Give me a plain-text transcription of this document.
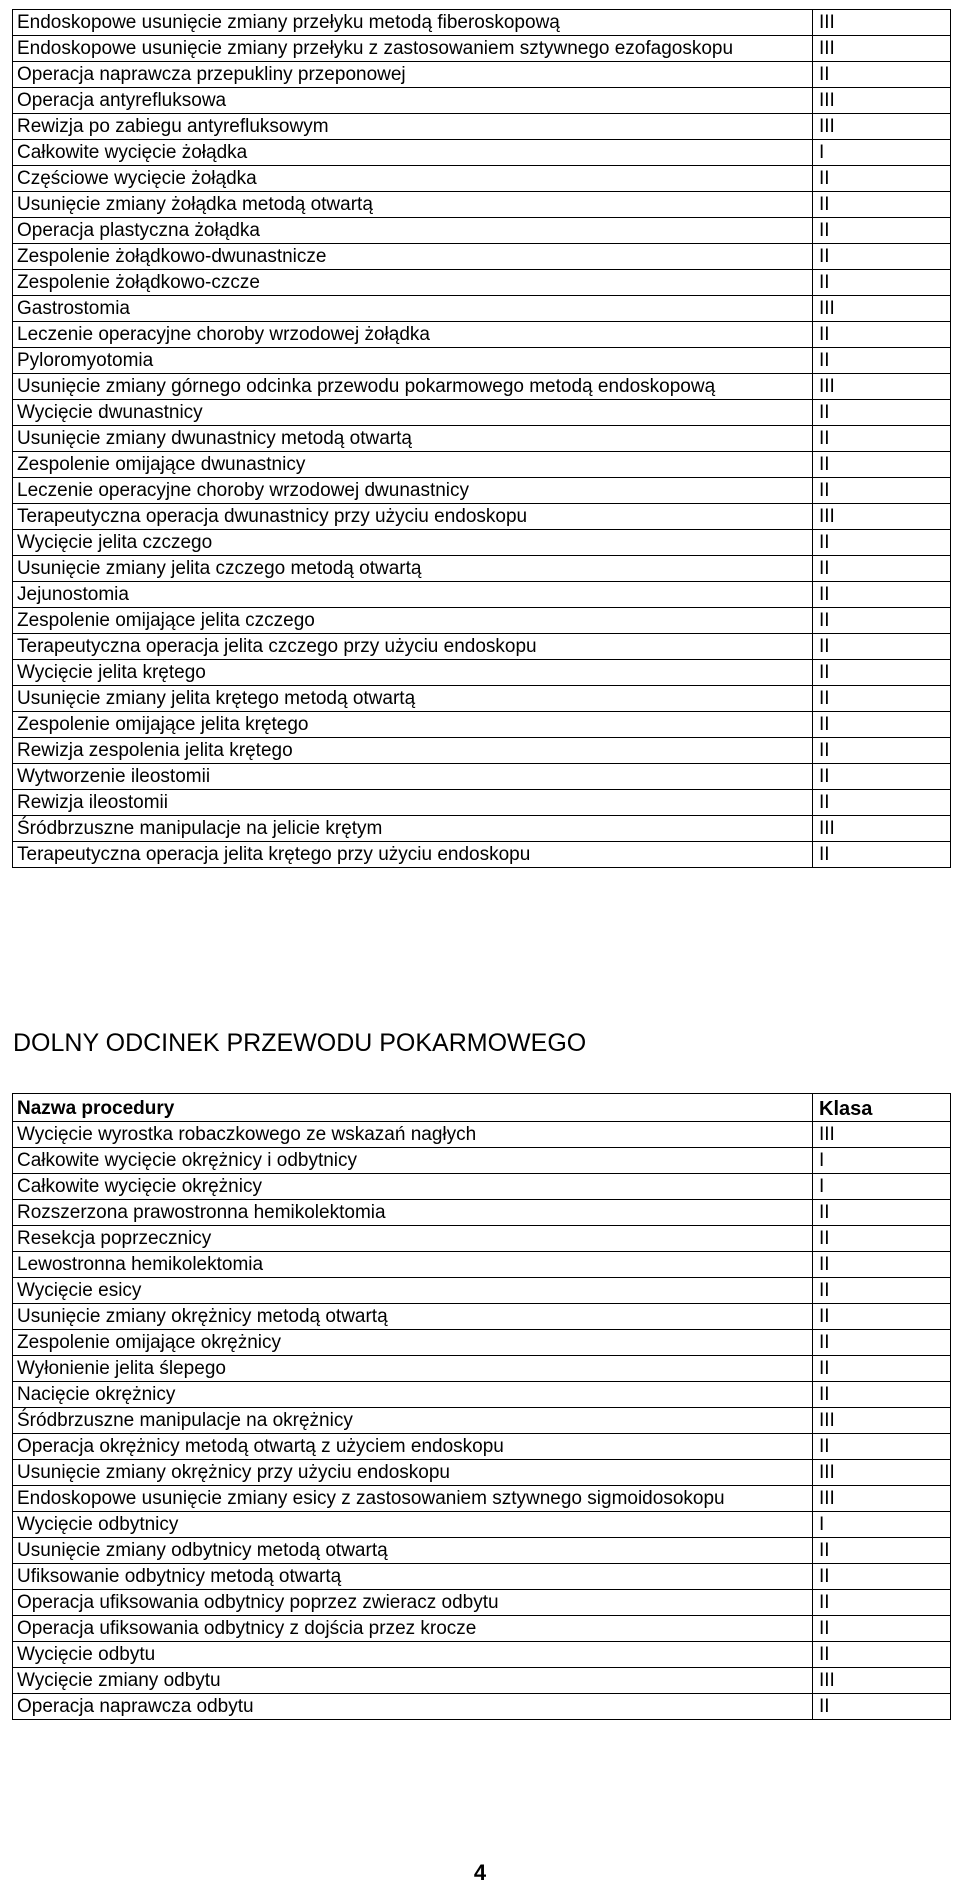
Endoskopowe usunięcie zmiany przełyku metodą fiberoskopową	III
Endoskopowe usunięcie zmiany przełyku z zastosowaniem sztywnego ezofagoskopu	III
Operacja naprawcza przepukliny przeponowej	II
Operacja antyrefluksowa	III
Rewizja po zabiegu antyrefluksowym	III
Całkowite wycięcie żołądka	I
Częściowe wycięcie żołądka	II
Usunięcie zmiany żołądka metodą otwartą	II
Operacja plastyczna żołądka	II
Zespolenie żołądkowo-dwunastnicze	II
Zespolenie żołądkowo-czcze	II
Gastrostomia	III
Leczenie operacyjne choroby wrzodowej żołądka	II
Pyloromyotomia	II
Usunięcie zmiany górnego odcinka przewodu pokarmowego metodą endoskopową	III
Wycięcie dwunastnicy	II
Usunięcie zmiany dwunastnicy metodą otwartą	II
Zespolenie omijające dwunastnicy	II
Leczenie operacyjne choroby wrzodowej dwunastnicy	II
Terapeutyczna operacja dwunastnicy przy użyciu endoskopu	III
Wycięcie jelita czczego	II
Usunięcie zmiany jelita czczego metodą otwartą	II
Jejunostomia	II
Zespolenie omijające jelita czczego	II
Terapeutyczna operacja jelita czczego przy użyciu endoskopu	II
Wycięcie jelita krętego	II
Usunięcie zmiany jelita krętego metodą otwartą	II
Zespolenie omijające jelita krętego	II
Rewizja zespolenia jelita krętego	II
Wytworzenie ileostomii	II
Rewizja ileostomii	II
Śródbrzuszne manipulacje na jelicie krętym	III
Terapeutyczna operacja jelita krętego przy użyciu endoskopu	II
DOLNY ODCINEK PRZEWODU POKARMOWEGO
Nazwa procedury	Klasa
Wycięcie wyrostka robaczkowego ze wskazań nagłych	III
Całkowite wycięcie okrężnicy i odbytnicy	I
Całkowite wycięcie okrężnicy	I
Rozszerzona prawostronna hemikolektomia	II
Resekcja poprzecznicy	II
Lewostronna hemikolektomia	II
Wycięcie esicy	II
Usunięcie zmiany okrężnicy metodą otwartą	II
Zespolenie omijające okrężnicy	II
Wyłonienie jelita ślepego	II
Nacięcie okrężnicy	II
Śródbrzuszne manipulacje na okrężnicy	III
Operacja okrężnicy metodą otwartą z użyciem endoskopu	II
Usunięcie zmiany okrężnicy przy użyciu endoskopu	III
Endoskopowe usunięcie zmiany esicy z zastosowaniem sztywnego sigmoidosokopu	III
Wycięcie odbytnicy	I
Usunięcie zmiany odbytnicy metodą otwartą	II
Ufiksowanie odbytnicy metodą otwartą	II
Operacja ufiksowania odbytnicy poprzez zwieracz odbytu	II
Operacja ufiksowania odbytnicy z dojścia przez krocze	II
Wycięcie odbytu	II
Wycięcie zmiany odbytu	III
Operacja naprawcza odbytu	II
4
